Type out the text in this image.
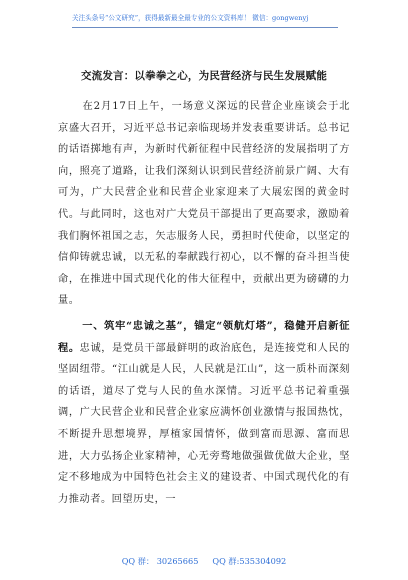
关注头条号“公文研究”，获得最新最全最专业的公文资料库！ 微信：gongwenyj
交流发言：以拳拳之心，为民营经济与民生发展赋能
在2月17日上午，一场意义深远的民营企业座谈会于北京盛大召开，习近平总书记亲临现场并发表重要讲话。总书记的话语掷地有声，为新时代新征程中民营经济的发展指明了方向，照亮了道路，让我们深刻认识到民营经济前景广阔、大有可为，广大民营企业和民营企业家迎来了大展宏图的黄金时代。与此同时，这也对广大党员干部提出了更高要求，激励着我们胸怀祖国之志，矢志服务人民，勇担时代使命，以坚定的信仰铸就忠诚，以无私的奉献践行初心，以不懈的奋斗担当使命，在推进中国式现代化的伟大征程中，贡献出更为磅礴的力量。
一、筑牢“忠诚之基”，锚定“领航灯塔”，稳健开启新征程。忠诚，是党员干部最鲜明的政治底色，是连接党和人民的坚固纽带。“江山就是人民，人民就是江山”，这一质朴而深刻的话语，道尽了党与人民的鱼水深情。习近平总书记着重强调，广大民营企业和民营企业家应满怀创业激情与报国热忱，不断提升思想境界，厚植家国情怀，做到富而思源、富而思进，大力弘扬企业家精神，心无旁骛地做强做优做大企业，坚定不移地成为中国特色社会主义的建设者、中国式现代化的有力推动者。回望历史，一
QQ 群： 30265665 QQ 群:535304092
